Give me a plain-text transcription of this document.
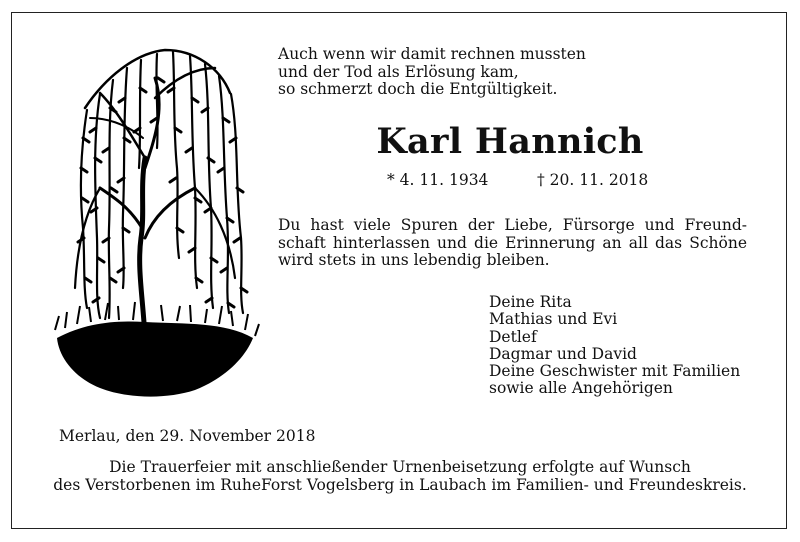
Auch wenn wir damit rechnen mussten
und der Tod als Erlösung kam,
so schmerzt doch die Entgültigkeit.
Karl Hannich
* 4. 11. 1934	† 20. 11. 2018
Du hast viele Spuren der Liebe, Fürsorge und Freund-
schaft hinterlassen und die Erinnerung an all das Schöne
wird stets in uns lebendig bleiben.
Deine Rita
Mathias und Evi
Detlef
Dagmar und David
Deine Geschwister mit Familien
sowie alle Angehörigen
Merlau, den 29. November 2018
Die Trauerfeier mit anschließender Urnenbeisetzung erfolgte auf Wunsch
des Verstorbenen im RuheForst Vogelsberg in Laubach im Familien- und Freundeskreis.
